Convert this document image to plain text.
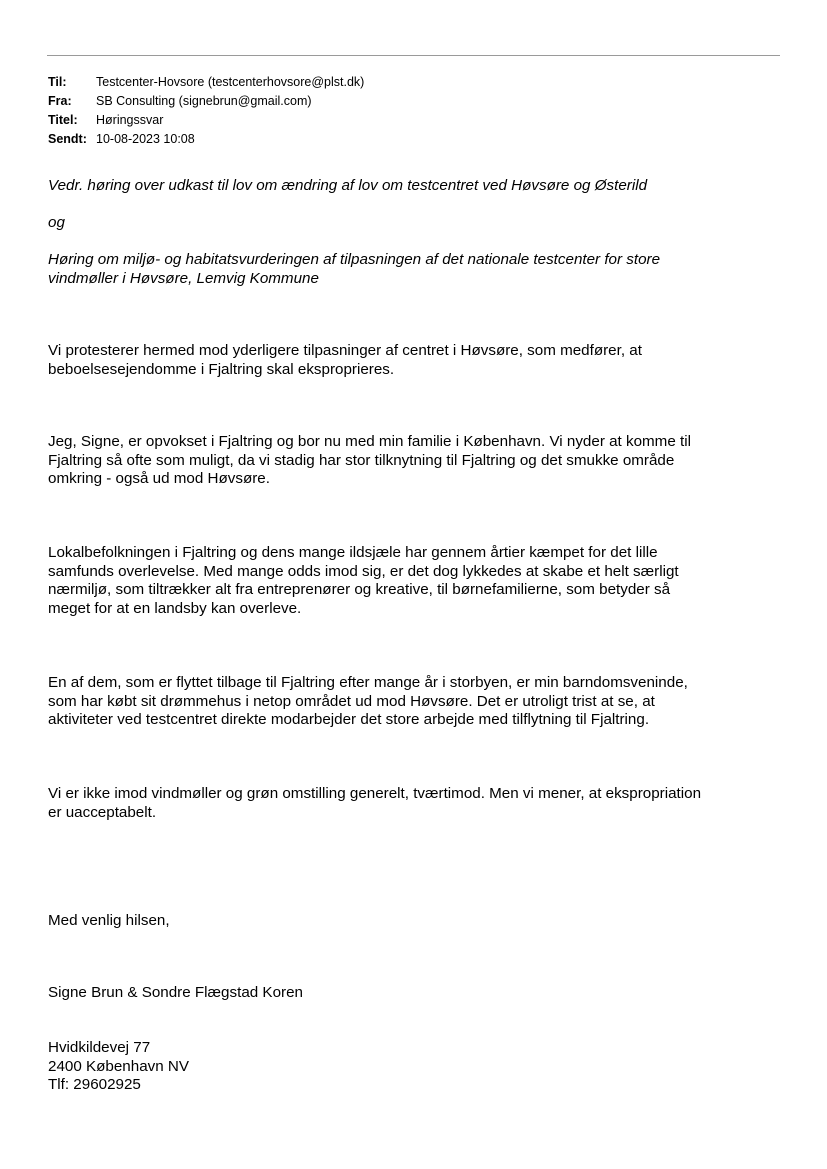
Til:	Testcenter-Hovsore (testcenterhovsore@plst.dk)
Fra:	SB Consulting (signebrun@gmail.com)
Titel:	Høringssvar
Sendt: 10-08-2023 10:08

Vedr. høring over udkast til lov om ændring af lov om testcentret ved Høvsøre og Østerild

og

Høring om miljø- og habitatsvurderingen af tilpasningen af det nationale testcenter for store
vindmøller i Høvsøre, Lemvig Kommune

Vi protesterer hermed mod yderligere tilpasninger af centret i Høvsøre, som medfører, at
beboelsesejendomme i Fjaltring skal eksproprieres.

Jeg, Signe, er opvokset i Fjaltring og bor nu med min familie i København. Vi nyder at komme til
Fjaltring så ofte som muligt, da vi stadig har stor tilknytning til Fjaltring og det smukke område
omkring - også ud mod Høvsøre.

Lokalbefolkningen i Fjaltring og dens mange ildsjæle har gennem årtier kæmpet for det lille
samfunds overlevelse. Med mange odds imod sig, er det dog lykkedes at skabe et helt særligt
nærmiljø, som tiltrækker alt fra entreprenører og kreative, til børnefamilierne, som betyder så
meget for at en landsby kan overleve.

En af dem, som er flyttet tilbage til Fjaltring efter mange år i storbyen, er min barndomsveninde,
som har købt sit drømmehus i netop området ud mod Høvsøre. Det er utroligt trist at se, at
aktiviteter ved testcentret direkte modarbejder det store arbejde med tilflytning til Fjaltring.

Vi er ikke imod vindmøller og grøn omstilling generelt, tværtimod. Men vi mener, at ekspropriation
er uacceptabelt.

Med venlig hilsen,

Signe Brun & Sondre Flægstad Koren

Hvidkildevej 77
2400 København NV
Tlf: 29602925
